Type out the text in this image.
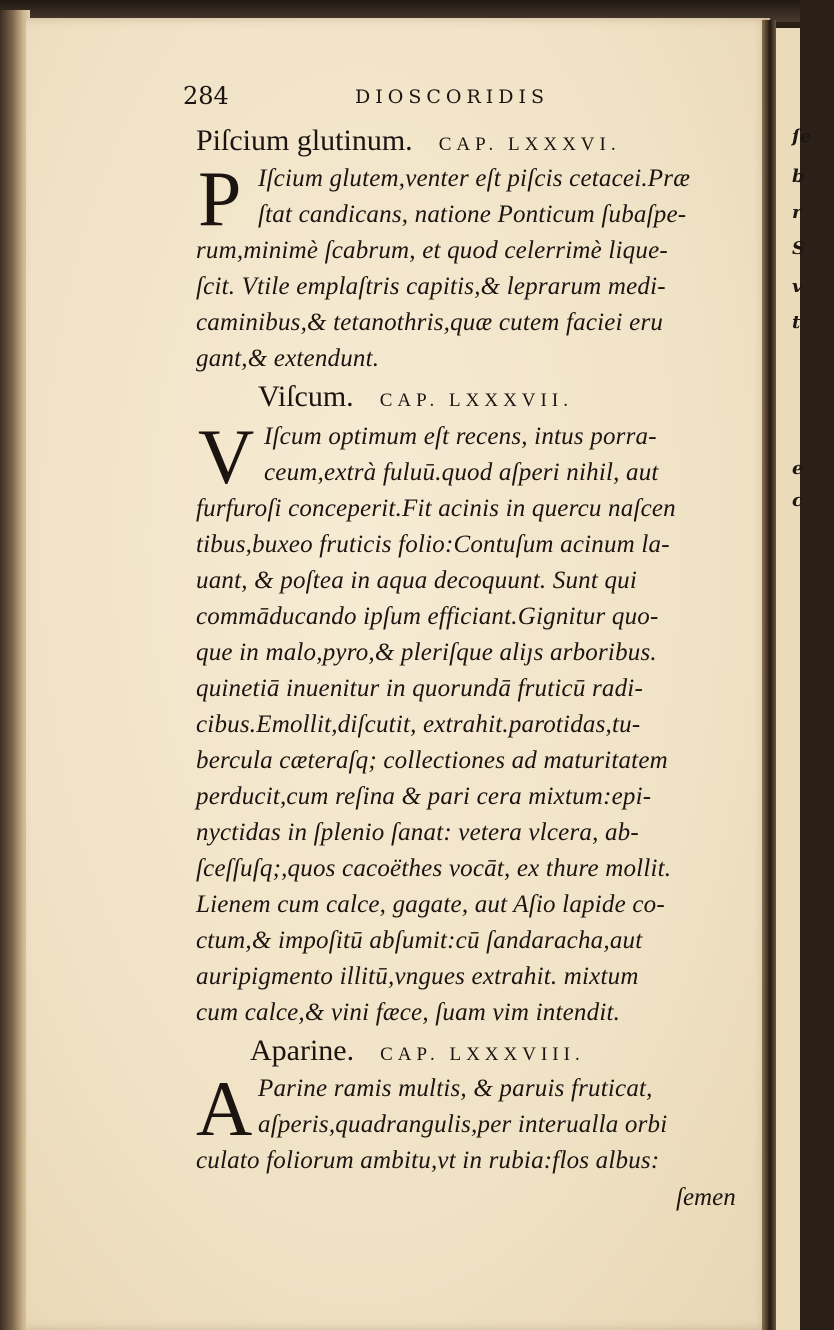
ſe
b
r
S
v
t
e
c
284	DIOSCORIDIS
Piſcium glutinum. CAP. LXXXVI.
P Iſcium glutem,venter eſt piſcis cetacei.Præ
ſtat candicans, natione Ponticum ſubaſpe-
rum,minimè ſcabrum, et quod celerrimè lique-
ſcit. Vtile emplaſtris capitis,& leprarum medi-
caminibus,& tetanothris,quæ cutem faciei eru
gant,& extendunt.
Viſcum. CAP. LXXXVII.
V Iſcum optimum eſt recens, intus porra-
ceum,extrà fuluū.quod aſperi nihil, aut
furfuroſi conceperit.Fit acinis in quercu naſcen
tibus,buxeo fruticis folio:Contuſum acinum la-
uant, & poſtea in aqua decoquunt. Sunt qui
commāducando ipſum efficiant.Gignitur quo-
que in malo,pyro,& pleriſque aliȷs arboribus.
quinetiā inuenitur in quorundā fruticū radi-
cibus.Emollit,diſcutit, extrahit.parotidas,tu-
bercula cæteraſq; collectiones ad maturitatem
perducit,cum reſina & pari cera mixtum:epi-
nyctidas in ſplenio ſanat: vetera vlcera, ab-
ſceſſuſq;,quos cacoëthes vocāt, ex thure mollit.
Lienem cum calce, gagate, aut Aſio lapide co-
ctum,& impoſitū abſumit:cū ſandaracha,aut
auripigmento illitū,vngues extrahit. mixtum
cum calce,& vini fæce, ſuam vim intendit.
Aparine. CAP. LXXXVIII.
A Parine ramis multis, & paruis fruticat,
aſperis,quadrangulis,per interualla orbi
culato foliorum ambitu,vt in rubia:flos albus:
ſemen
